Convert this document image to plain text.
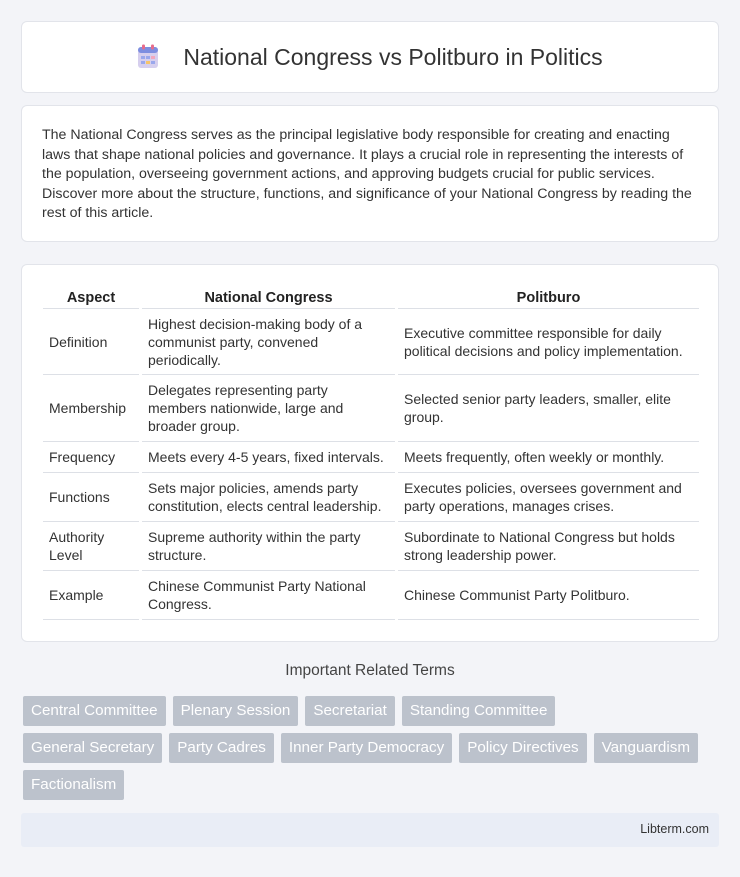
National Congress vs Politburo in Politics

The National Congress serves as the principal legislative body responsible for creating and enacting laws that shape national policies and governance. It plays a crucial role in representing the interests of the population, overseeing government actions, and approving budgets crucial for public services. Discover more about the structure, functions, and significance of your National Congress by reading the rest of this article.

Aspect		National Congress		Politburo
Definition		Highest decision-making body of a communist party, convened periodically.		Executive committee responsible for daily political decisions and policy implementation.
Membership		Delegates representing party members nationwide, large and broader group.		Selected senior party leaders, smaller, elite group.
Frequency		Meets every 4-5 years, fixed intervals.		Meets frequently, often weekly or monthly.
Functions		Sets major policies, amends party constitution, elects central leadership.		Executes policies, oversees government and party operations, manages crises.
Authority Level		Supreme authority within the party structure.		Subordinate to National Congress but holds strong leadership power.
Example		Chinese Communist Party National Congress.		Chinese Communist Party Politburo.
Important Related Terms
Central Committee	Plenary Session	Secretariat	Standing Committee
General Secretary	Party Cadres	Inner Party Democracy	Policy Directives	Vanguardism
Factionalism
Libterm.com
